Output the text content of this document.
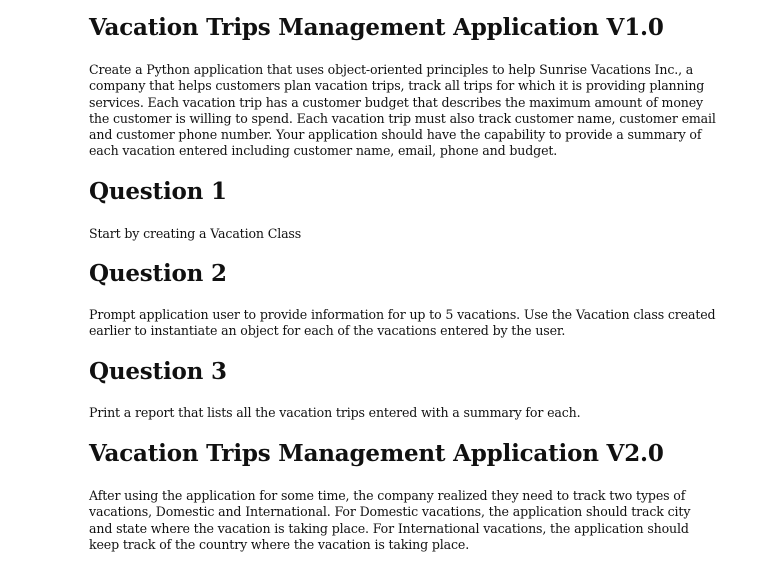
Vacation Trips Management Application V1.0

Create a Python application that uses object-oriented principles to help Sunrise Vacations Inc., a company that helps customers plan vacation trips, track all trips for which it is providing planning services. Each vacation trip has a customer budget that describes the maximum amount of money the customer is willing to spend. Each vacation trip must also track customer name, customer email and customer phone number. Your application should have the capability to provide a summary of each vacation entered including customer name, email, phone and budget.

Question 1

Start by creating a Vacation Class

Question 2

Prompt application user to provide information for up to 5 vacations. Use the Vacation class created earlier to instantiate an object for each of the vacations entered by the user.

Question 3

Print a report that lists all the vacation trips entered with a summary for each.

Vacation Trips Management Application V2.0

After using the application for some time, the company realized they need to track two types of vacations, Domestic and International. For Domestic vacations, the application should track city and state where the vacation is taking place. For International vacations, the application should keep track of the country where the vacation is taking place.
